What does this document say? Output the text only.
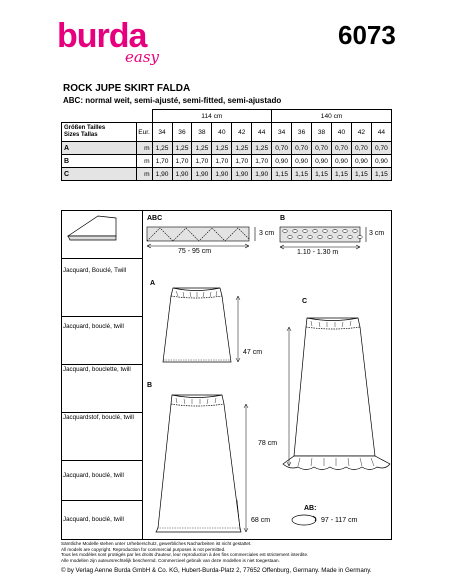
burda
easy
6073
ROCK JUPE SKIRT FALDA
ABC: normal weit, semi-ajusté, semi-fitted, semi-ajustado
		114 cm						140 cm					
Größen Tailles
Sizes Tallas	Eur.	34	36	38	40	42	44	34	36	38	40	42	44
A	m	1,25	1,25	1,25	1,25	1,25	1,25	0,70	0,70	0,70	0,70	0,70	0,70
B	m	1,70	1,70	1,70	1,70	1,70	1,70	0,90	0,90	0,90	0,90	0,90	0,90
C	m	1,90	1,90	1,90	1,90	1,90	1,90	1,15	1,15	1,15	1,15	1,15	1,15
Jacquard, Bouclé, Twill
Jacquard, bouclé, twill
Jacquard, bouclette, twill
Jacquardstof, bouclé, twill
Jacquard, bouclé, twill
Jacquard, bouclé, twill
ABC
3 cm
75 - 95 cm
B
3 cm
1.10 - 1.30 m
A
47 cm
B
68 cm
C
78 cm
AB:
97 - 117 cm
Sämtliche Modelle stehen unter Urheberschutz, gewerbliches Nacharbeiten ist nicht gestattet.
All models are copyright. Reproduction for commercial purposes is not permitted.
Tous les modèles sont protégés par les droits d'auteur, leur reproduction à des fins commerciales est strictement interdite.
Alle modellen zijn auteursrechtelijk beschermd. Commercieel gebruik van deze modellen is niet toegestaan.
© by Verlag Aenne Burda GmbH & Co. KG, Hubert-Burda-Platz 2, 77652 Offenburg, Germany. Made in Germany.
